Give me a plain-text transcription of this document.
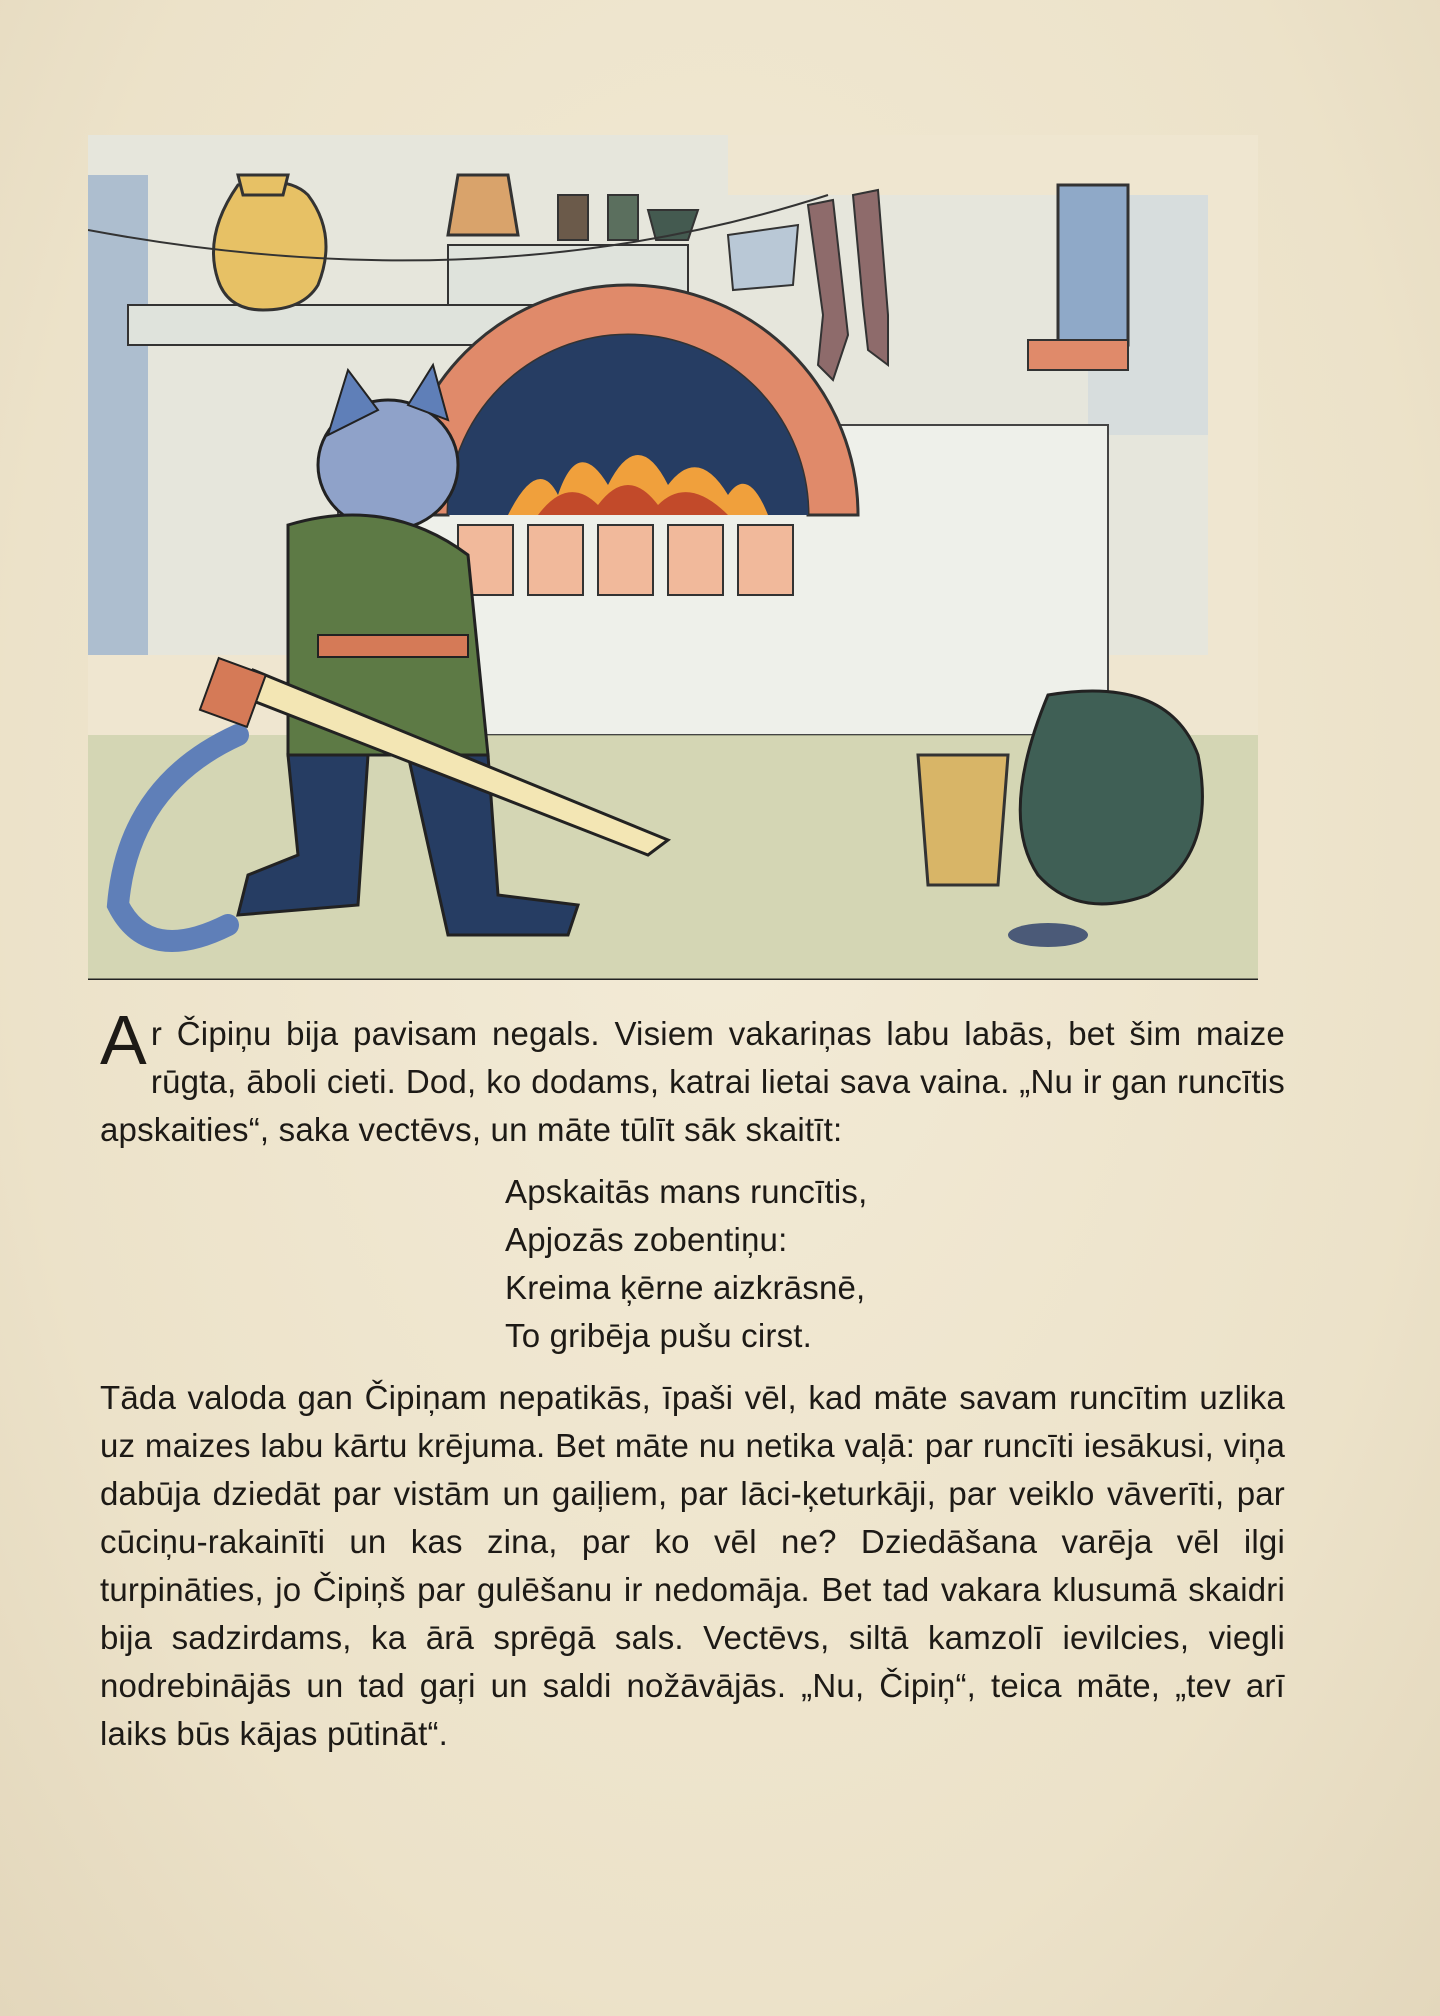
Ar Čipiņu bija pavisam negals. Visiem vakariņas labu labās, bet šim maize rūgta, āboli cieti. Dod, ko dodams, katrai lietai sava vaina. „Nu ir gan runcītis apskaities“, saka vectēvs, un māte tūlīt sāk skaitīt:

Apskaitās mans runcītis,
Apjozās zobentiņu:
Kreima ķērne aizkrāsnē,
To gribēja pušu cirst.

Tāda valoda gan Čipiņam nepatikās, īpaši vēl, kad māte savam runcītim uzlika uz maizes labu kārtu krējuma. Bet māte nu netika vaļā: par runcīti iesākusi, viņa dabūja dziedāt par vistām un gaiļiem, par lāci-ķeturkāji, par veiklo vāverīti, par cūciņu-rakainīti un kas zina, par ko vēl ne? Dziedāšana varēja vēl ilgi turpināties, jo Čipiņš par gulēšanu ir nedomāja. Bet tad vakara klusumā skaidri bija sadzirdams, ka ārā sprēgā sals. Vectēvs, siltā kamzolī ievilcies, viegli nodrebinājās un tad gaŗi un saldi nožāvājās. „Nu, Čipiņ“, teica māte, „tev arī laiks būs kājas pūtināt“.
